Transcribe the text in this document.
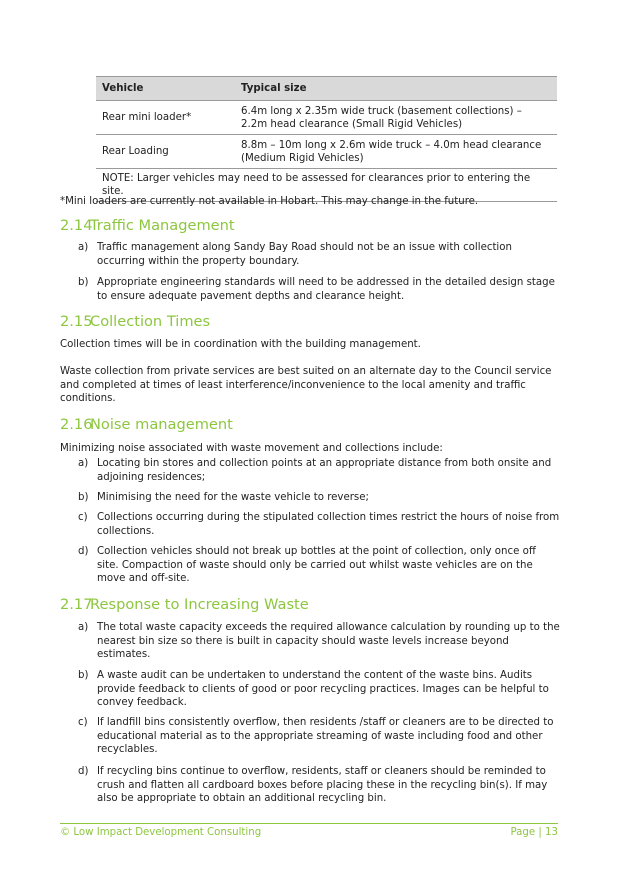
Vehicle	Typical size
Rear mini loader*	6.4m long x 2.35m wide truck (basement collections) – 2.2m head clearance (Small Rigid Vehicles)
Rear Loading	8.8m – 10m long x 2.6m wide truck – 4.0m head clearance (Medium Rigid Vehicles)
NOTE: Larger vehicles may need to be assessed for clearances prior to entering the site.	
*Mini loaders are currently not available in Hobart. This may change in the future.
2.14Traffic Management
a) Traffic management along Sandy Bay Road should not be an issue with collection occurring within the property boundary.
b) Appropriate engineering standards will need to be addressed in the detailed design stage to ensure adequate pavement depths and clearance height.
2.15Collection Times
Collection times will be in coordination with the building management.
Waste collection from private services are best suited on an alternate day to the Council service and completed at times of least interference/inconvenience to the local amenity and traffic conditions.
2.16Noise management
Minimizing noise associated with waste movement and collections include:
a) Locating bin stores and collection points at an appropriate distance from both onsite and adjoining residences;
b) Minimising the need for the waste vehicle to reverse;
c) Collections occurring during the stipulated collection times restrict the hours of noise from collections.
d) Collection vehicles should not break up bottles at the point of collection, only once off site. Compaction of waste should only be carried out whilst waste vehicles are on the move and off-site.
2.17Response to Increasing Waste
a) The total waste capacity exceeds the required allowance calculation by rounding up to the nearest bin size so there is built in capacity should waste levels increase beyond estimates.
b) A waste audit can be undertaken to understand the content of the waste bins. Audits provide feedback to clients of good or poor recycling practices. Images can be helpful to convey feedback.
c) If landfill bins consistently overflow, then residents /staff or cleaners are to be directed to educational material as to the appropriate streaming of waste including food and other recyclables.
d) If recycling bins continue to overflow, residents, staff or cleaners should be reminded to crush and flatten all cardboard boxes before placing these in the recycling bin(s). If may also be appropriate to obtain an additional recycling bin.
© Low Impact Development Consulting	Page | 13
